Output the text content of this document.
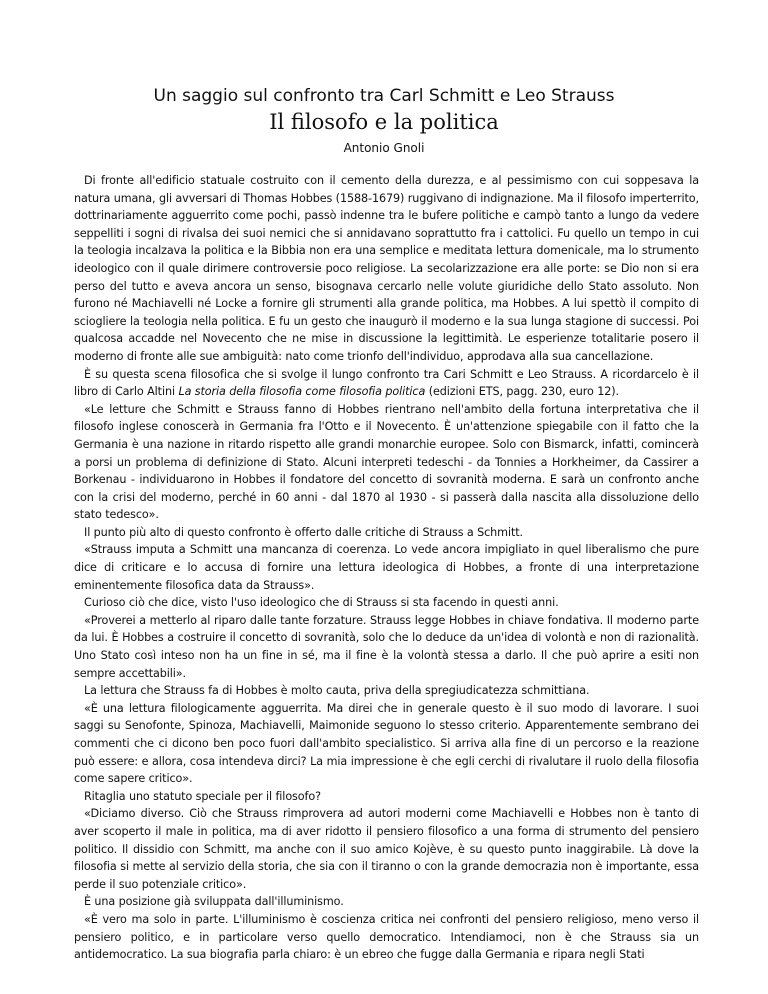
Un saggio sul confronto tra Carl Schmitt e Leo Strauss
Il filosofo e la politica
Antonio Gnoli

Di fronte all'edificio statuale costruito con il cemento della durezza, e al pessimismo con cui soppesava la natura umana, gli avversari di Thomas Hobbes (1588-1679) ruggivano di indignazione. Ma il filosofo imperterrito, dottrinariamente agguerrito come pochi, passò indenne tra le bufere politiche e campò tanto a lungo da vedere seppelliti i sogni di rivalsa dei suoi nemici che si annidavano soprattutto fra i cattolici. Fu quello un tempo in cui la teologia incalzava la politica e la Bibbia non era una semplice e meditata lettura domenicale, ma lo strumento ideologico con il quale dirimere controversie poco religiose. La secolarizzazione era alle porte: se Dio non si era perso del tutto e aveva ancora un senso, bisognava cercarlo nelle volute giuridiche dello Stato assoluto. Non furono né Machiavelli né Locke a fornire gli strumenti alla grande politica, ma Hobbes. A lui spettò il compito di sciogliere la teologia nella politica. E fu un gesto che inaugurò il moderno e la sua lunga stagione di successi. Poi qualcosa accadde nel Novecento che ne mise in discussione la legittimità. Le esperienze totalitarie posero il moderno di fronte alle sue ambiguità: nato come trionfo dell'individuo, approdava alla sua cancellazione.

È su questa scena filosofica che si svolge il lungo confronto tra Cari Schmitt e Leo Strauss. A ricordarcelo è il libro di Carlo Altini La storia della filosofia come filosofia politica (edizioni ETS, pagg. 230, euro 12).

«Le letture che Schmitt e Strauss fanno di Hobbes rientrano nell'ambito della fortuna interpretativa che il filosofo inglese conoscerà in Germania fra l'Otto e il Novecento. È un'attenzione spiegabile con il fatto che la Germania è una nazione in ritardo rispetto alle grandi monarchie europee. Solo con Bismarck, infatti, comincerà a porsi un problema di definizione di Stato. Alcuni interpreti tedeschi - da Tonnies a Horkheimer, da Cassirer a Borkenau - individuarono in Hobbes il fondatore del concetto di sovranità moderna. E sarà un confronto anche con la crisi del moderno, perché in 60 anni - dal 1870 al 1930 - si passerà dalla nascita alla dissoluzione dello stato tedesco».

Il punto più alto di questo confronto è offerto dalle critiche di Strauss a Schmitt.

«Strauss imputa a Schmitt una mancanza di coerenza. Lo vede ancora impigliato in quel liberalismo che pure dice di criticare e lo accusa di fornire una lettura ideologica di Hobbes, a fronte di una interpretazione eminentemente filosofica data da Strauss».

Curioso ciò che dice, visto l'uso ideologico che di Strauss si sta facendo in questi anni.

«Proverei a metterlo al riparo dalle tante forzature. Strauss legge Hobbes in chiave fondativa. Il moderno parte da lui. È Hobbes a costruire il concetto di sovranità, solo che lo deduce da un'idea di volontà e non di razionalità. Uno Stato così inteso non ha un fine in sé, ma il fine è la volontà stessa a darlo. Il che può aprire a esiti non sempre accettabili».

La lettura che Strauss fa di Hobbes è molto cauta, priva della spregiudicatezza schmittiana.

«È una lettura filologicamente agguerrita. Ma direi che in generale questo è il suo modo di lavorare. I suoi saggi su Senofonte, Spinoza, Machiavelli, Maimonide seguono lo stesso criterio. Apparentemente sembrano dei commenti che ci dicono ben poco fuori dall'ambito specialistico. Si arriva alla fine di un percorso e la reazione può essere: e allora, cosa intendeva dirci? La mia impressione è che egli cerchi di rivalutare il ruolo della filosofia come sapere critico».

Ritaglia uno statuto speciale per il filosofo?

«Diciamo diverso. Ciò che Strauss rimprovera ad autori moderni come Machiavelli e Hobbes non è tanto di aver scoperto il male in politica, ma di aver ridotto il pensiero filosofico a una forma di strumento del pensiero politico. Il dissidio con Schmitt, ma anche con il suo amico Kojève, è su questo punto inaggirabile. Là dove la filosofia si mette al servizio della storia, che sia con il tiranno o con la grande democrazia non è importante, essa perde il suo potenziale critico».

È una posizione già sviluppata dall'illuminismo.

«È vero ma solo in parte. L'illuminismo è coscienza critica nei confronti del pensiero religioso, meno verso il pensiero politico, e in particolare verso quello democratico. Intendiamoci, non è che Strauss sia un antidemocratico. La sua biografia parla chiaro: è un ebreo che fugge dalla Germania e ripara negli Stati
